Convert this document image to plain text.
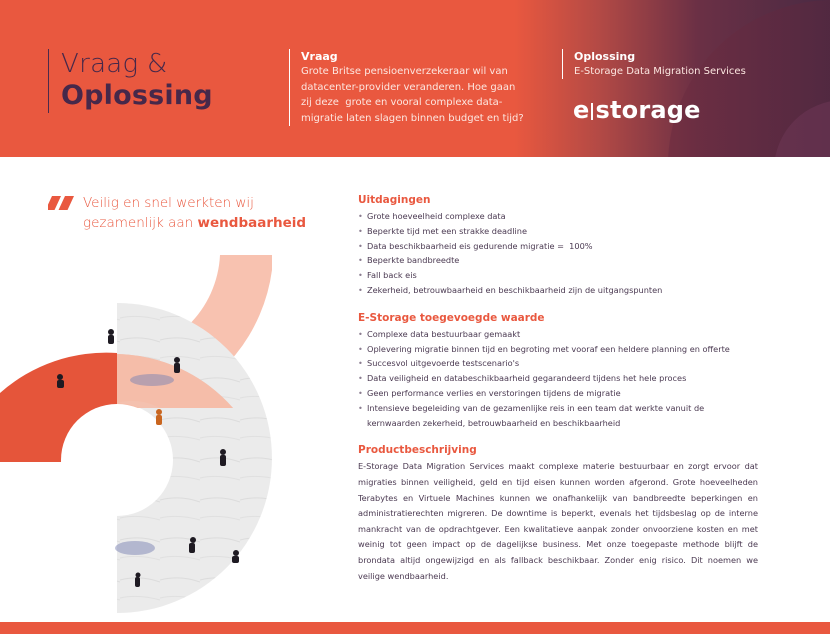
Vraag &
Oplossing
Vraag
Grote Britse pensioenverzekeraar wil van
datacenter-provider veranderen. Hoe gaan
zij deze  grote en vooral complexe data-
migratie laten slagen binnen budget en tijd?
Oplossing
E-Storage Data Migration Services
e storage
Veilig en snel werkten wij
gezamenlijk aan wendbaarheid
Uitdagingen
• Grote hoeveelheid complexe data
• Beperkte tijd met een strakke deadline
• Data beschikbaarheid eis gedurende migratie =  100%
• Beperkte bandbreedte
• Fall back eis
• Zekerheid, betrouwbaarheid en beschikbaarheid zijn de uitgangspunten
E-Storage toegevoegde waarde
• Complexe data bestuurbaar gemaakt
• Oplevering migratie binnen tijd en begroting met vooraf een heldere planning en offerte
• Succesvol uitgevoerde testscenario's
• Data veiligheid en databeschikbaarheid gegarandeerd tijdens het hele proces
• Geen performance verlies en verstoringen tijdens de migratie
• Intensieve begeleiding van de gezamenlijke reis in een team dat werkte vanuit de kernwaarden zekerheid, betrouwbaarheid en beschikbaarheid
Productbeschrijving

E-Storage Data Migration Services maakt complexe materie bestuurbaar en zorgt ervoor dat migraties binnen veiligheid, geld en tijd eisen kunnen worden afgerond. Grote hoeveelheden Terabytes en Virtuele Machines kunnen we onafhankelijk van bandbreedte beperkingen en administratierechten migreren. De downtime is beperkt, evenals het tijdsbeslag op de interne mankracht van de opdrachtgever. Een kwalitatieve aanpak zonder onvoorziene kosten en met weinig tot geen impact op de dagelijkse business. Met onze toegepaste methode blijft de brondata altijd ongewijzigd en als fallback beschikbaar. Zonder enig risico. Dit noemen we veilige wendbaarheid.
